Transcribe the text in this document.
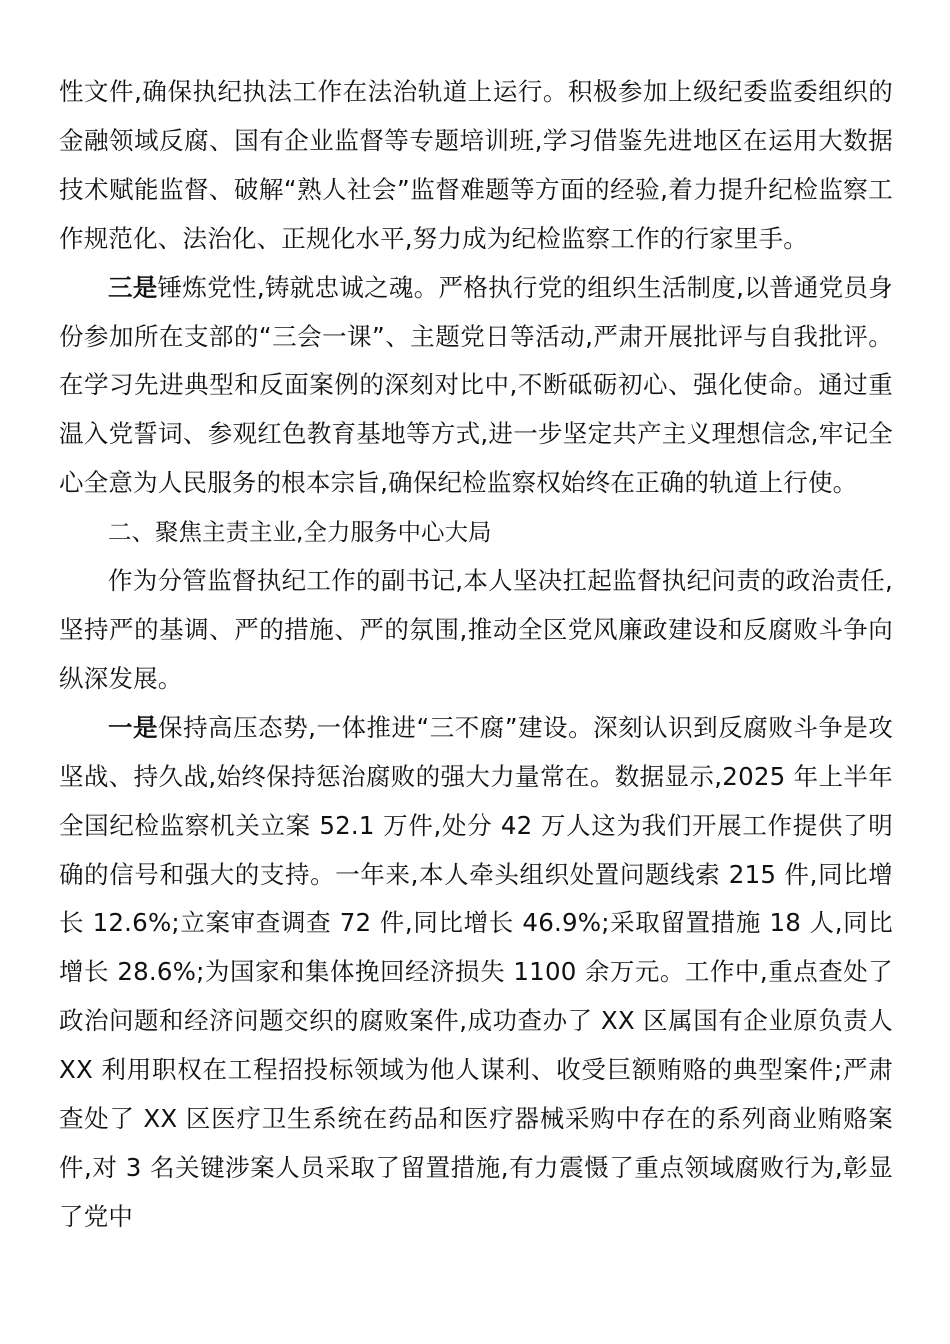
性文件,确保执纪执法工作在法治轨道上运行。积极参加上级纪委监委组织的金融领域反腐、国有企业监督等专题培训班,学习借鉴先进地区在运用大数据技术赋能监督、破解“熟人社会”监督难题等方面的经验,着力提升纪检监察工作规范化、法治化、正规化水平,努力成为纪检监察工作的行家里手。

三是锤炼党性,铸就忠诚之魂。严格执行党的组织生活制度,以普通党员身份参加所在支部的“三会一课”、主题党日等活动,严肃开展批评与自我批评。在学习先进典型和反面案例的深刻对比中,不断砥砺初心、强化使命。通过重温入党誓词、参观红色教育基地等方式,进一步坚定共产主义理想信念,牢记全心全意为人民服务的根本宗旨,确保纪检监察权始终在正确的轨道上行使。

二、聚焦主责主业,全力服务中心大局

作为分管监督执纪工作的副书记,本人坚决扛起监督执纪问责的政治责任,坚持严的基调、严的措施、严的氛围,推动全区党风廉政建设和反腐败斗争向纵深发展。

一是保持高压态势,一体推进“三不腐”建设。深刻认识到反腐败斗争是攻坚战、持久战,始终保持惩治腐败的强大力量常在。数据显示,2025 年上半年全国纪检监察机关立案 52.1 万件,处分 42 万人这为我们开展工作提供了明确的信号和强大的支持。一年来,本人牵头组织处置问题线索 215 件,同比增长 12.6%;立案审查调查 72 件,同比增长 46.9%;采取留置措施 18 人,同比增长 28.6%;为国家和集体挽回经济损失 1100 余万元。工作中,重点查处了政治问题和经济问题交织的腐败案件,成功查办了 XX 区属国有企业原负责人 XX 利用职权在工程招投标领域为他人谋利、收受巨额贿赂的典型案件;严肃查处了 XX 区医疗卫生系统在药品和医疗器械采购中存在的系列商业贿赂案件,对 3 名关键涉案人员采取了留置措施,有力震慑了重点领域腐败行为,彰显了党中
